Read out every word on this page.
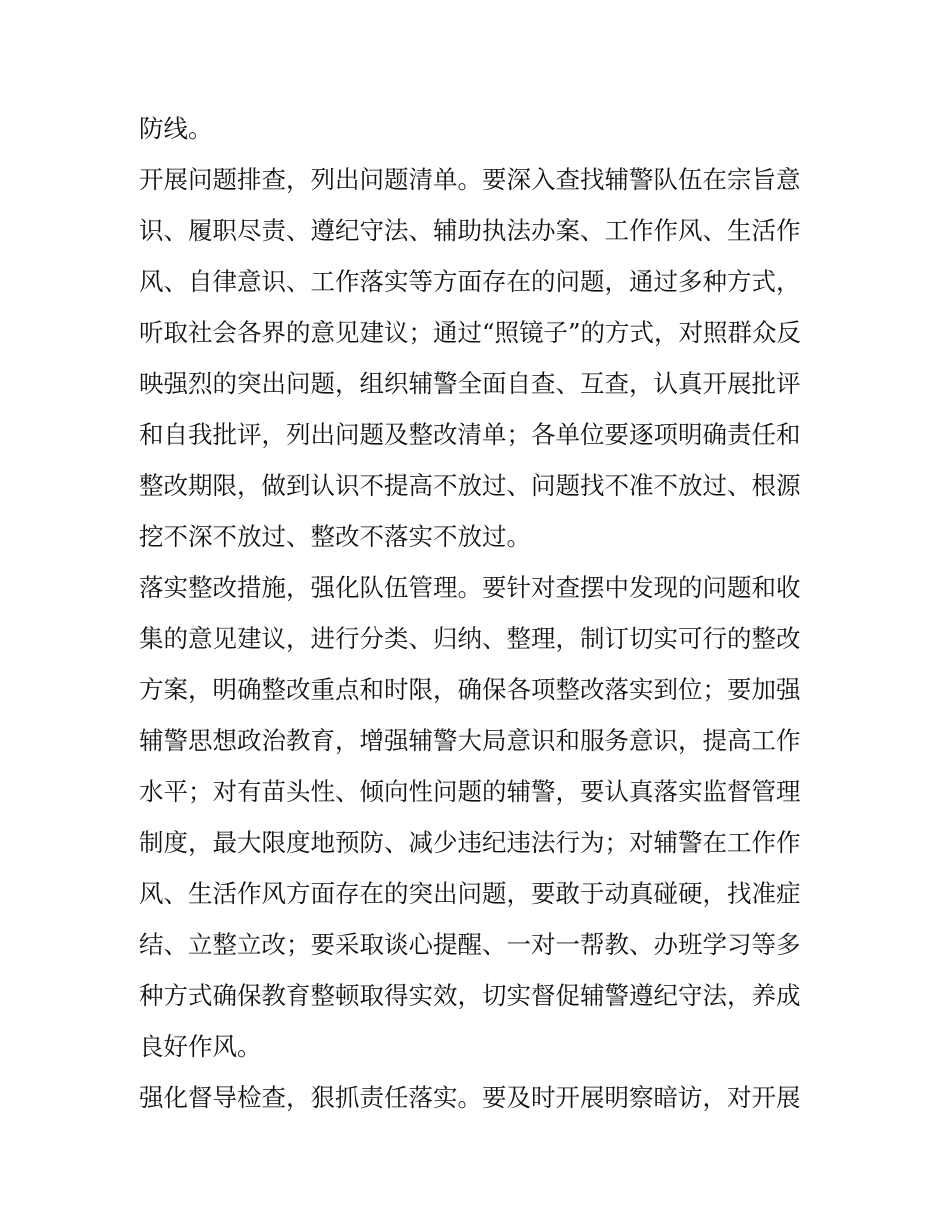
防线。
开展问题排查，列出问题清单。要深入查找辅警队伍在宗旨意
识、履职尽责、遵纪守法、辅助执法办案、工作作风、生活作
风、自律意识、工作落实等方面存在的问题，通过多种方式，
听取社会各界的意见建议；通过“照镜子”的方式，对照群众反
映强烈的突出问题，组织辅警全面自查、互查，认真开展批评
和自我批评，列出问题及整改清单；各单位要逐项明确责任和
整改期限，做到认识不提高不放过、问题找不准不放过、根源
挖不深不放过、整改不落实不放过。
落实整改措施，强化队伍管理。要针对查摆中发现的问题和收
集的意见建议，进行分类、归纳、整理，制订切实可行的整改
方案，明确整改重点和时限，确保各项整改落实到位；要加强
辅警思想政治教育，增强辅警大局意识和服务意识，提高工作
水平；对有苗头性、倾向性问题的辅警，要认真落实监督管理
制度，最大限度地预防、减少违纪违法行为；对辅警在工作作
风、生活作风方面存在的突出问题，要敢于动真碰硬，找准症
结、立整立改；要采取谈心提醒、一对一帮教、办班学习等多
种方式确保教育整顿取得实效，切实督促辅警遵纪守法，养成
良好作风。
强化督导检查，狠抓责任落实。要及时开展明察暗访，对开展
